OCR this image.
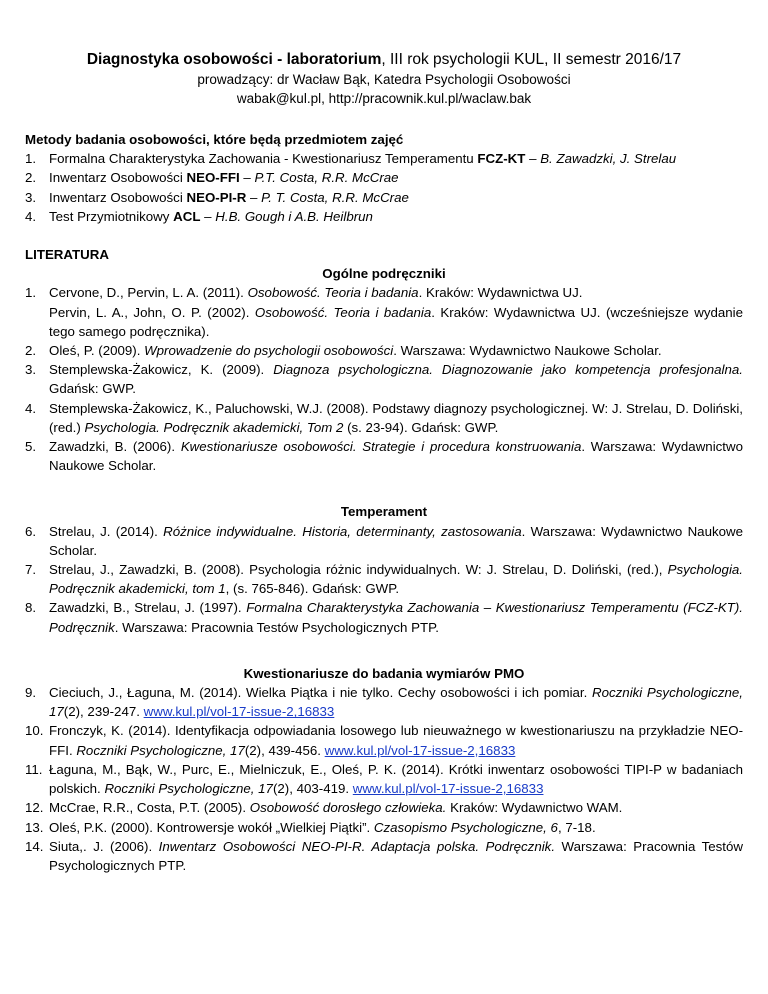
Diagnostyka osobowości - laboratorium, III rok psychologii KUL, II semestr 2016/17
prowadzący: dr Wacław Bąk, Katedra Psychologii Osobowości
wabak@kul.pl, http://pracownik.kul.pl/waclaw.bak
Metody badania osobowości, które będą przedmiotem zajęć
1. Formalna Charakterystyka Zachowania - Kwestionariusz Temperamentu FCZ-KT – B. Zawadzki, J. Strelau
2. Inwentarz Osobowości NEO-FFI – P.T. Costa, R.R. McCrae
3. Inwentarz Osobowości NEO-PI-R – P. T. Costa, R.R. McCrae
4. Test Przymiotnikowy ACL – H.B. Gough i A.B. Heilbrun
LITERATURA
Ogólne podręczniki
1. Cervone, D., Pervin, L. A. (2011). Osobowość. Teoria i badania. Kraków: Wydawnictwa UJ.
Pervin, L. A., John, O. P. (2002). Osobowość. Teoria i badania. Kraków: Wydawnictwa UJ. (wcześniejsze wydanie tego samego podręcznika).
2. Oleś, P. (2009). Wprowadzenie do psychologii osobowości. Warszawa: Wydawnictwo Naukowe Scholar.
3. Stemplewska-Żakowicz, K. (2009). Diagnoza psychologiczna. Diagnozowanie jako kompetencja profesjonalna. Gdańsk: GWP.
4. Stemplewska-Żakowicz, K., Paluchowski, W.J. (2008). Podstawy diagnozy psychologicznej. W: J. Strelau, D. Doliński, (red.) Psychologia. Podręcznik akademicki, Tom 2 (s. 23-94). Gdańsk: GWP.
5. Zawadzki, B. (2006). Kwestionariusze osobowości. Strategie i procedura konstruowania. Warszawa: Wydawnictwo Naukowe Scholar.
Temperament
6. Strelau, J. (2014). Różnice indywidualne. Historia, determinanty, zastosowania. Warszawa: Wydawnictwo Naukowe Scholar.
7. Strelau, J., Zawadzki, B. (2008). Psychologia różnic indywidualnych. W: J. Strelau, D. Doliński, (red.), Psychologia. Podręcznik akademicki, tom 1, (s. 765-846). Gdańsk: GWP.
8. Zawadzki, B., Strelau, J. (1997). Formalna Charakterystyka Zachowania – Kwestionariusz Temperamentu (FCZ-KT). Podręcznik. Warszawa: Pracownia Testów Psychologicznych PTP.
Kwestionariusze do badania wymiarów PMO
9. Cieciuch, J., Łaguna, M. (2014). Wielka Piątka i nie tylko. Cechy osobowości i ich pomiar. Roczniki Psychologiczne, 17(2), 239-247. www.kul.pl/vol-17-issue-2,16833
10. Fronczyk, K. (2014). Identyfikacja odpowiadania losowego lub nieuważnego w kwestionariuszu na przykładzie NEO-FFI. Roczniki Psychologiczne, 17(2), 439-456. www.kul.pl/vol-17-issue-2,16833
11. Łaguna, M., Bąk, W., Purc, E., Mielniczuk, E., Oleś, P. K. (2014). Krótki inwentarz osobowości TIPI-P w badaniach polskich. Roczniki Psychologiczne, 17(2), 403-419. www.kul.pl/vol-17-issue-2,16833
12. McCrae, R.R., Costa, P.T. (2005). Osobowość dorosłego człowieka. Kraków: Wydawnictwo WAM.
13. Oleś, P.K. (2000). Kontrowersje wokół „Wielkiej Piątki”. Czasopismo Psychologiczne, 6, 7-18.
14. Siuta,. J. (2006). Inwentarz Osobowości NEO-PI-R. Adaptacja polska. Podręcznik. Warszawa: Pracownia Testów Psychologicznych PTP.
